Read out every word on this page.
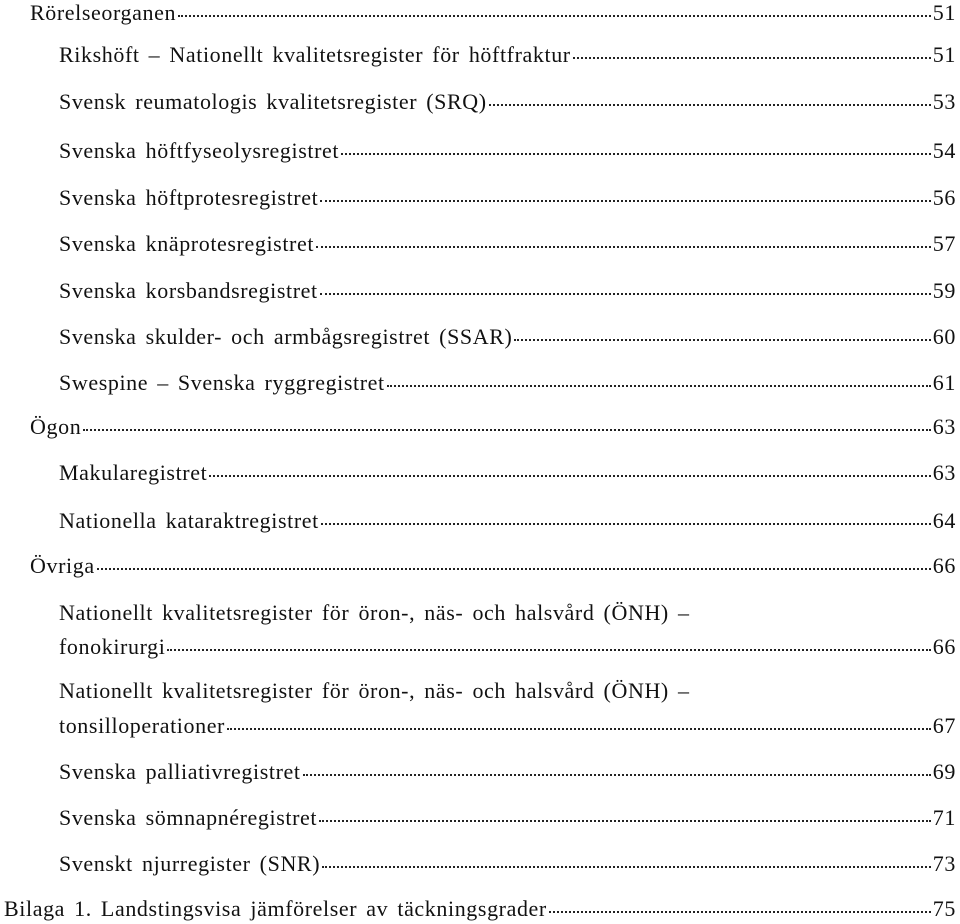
Rörelseorganen	51
Rikshöft – Nationellt kvalitetsregister för höftfraktur	51
Svensk reumatologis kvalitetsregister (SRQ)	53
Svenska höftfyseolysregistret	54
Svenska höftprotesregistret	56
Svenska knäprotesregistret	57
Svenska korsbandsregistret	59
Svenska skulder- och armbågsregistret (SSAR)	60
Swespine – Svenska ryggregistret	61
Ögon	63
Makularegistret	63
Nationella kataraktregistret	64
Övriga	66
Nationellt kvalitetsregister för öron-, näs- och halsvård (ÖNH) –
fonokirurgi	66
Nationellt kvalitetsregister för öron-, näs- och halsvård (ÖNH) –
tonsilloperationer	67
Svenska palliativregistret	69
Svenska sömnapnéregistret	71
Svenskt njurregister (SNR)	73
Bilaga 1. Landstingsvisa jämförelser av täckningsgrader	75
